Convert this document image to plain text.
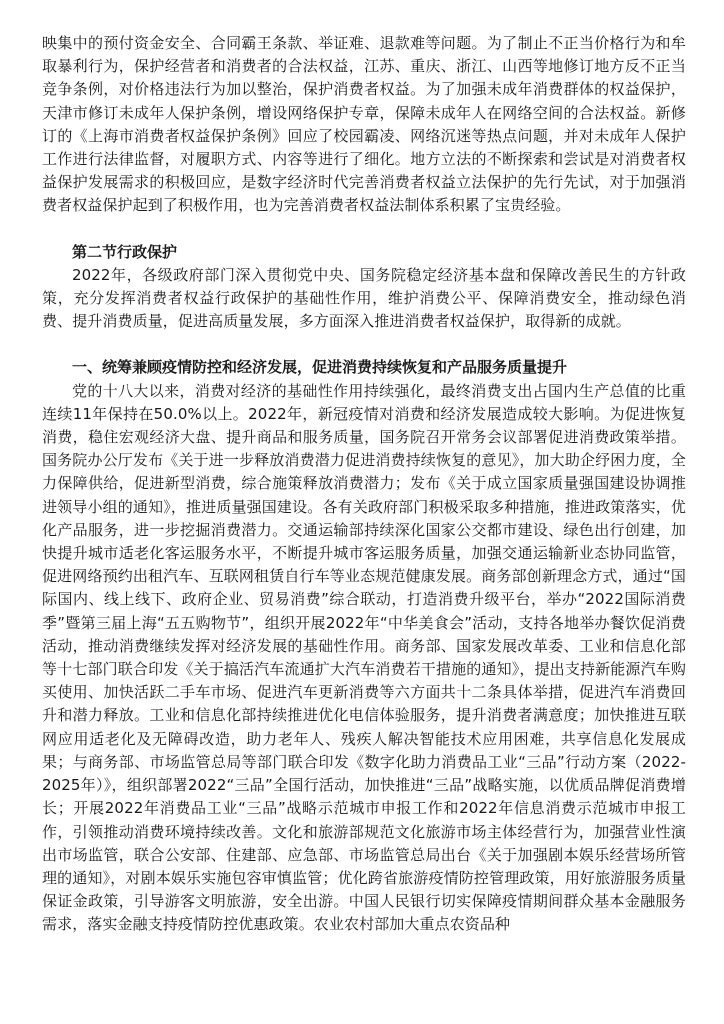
映集中的预付资金安全、合同霸王条款、举证难、退款难等问题。为了制止不正当价格行为和牟取暴利行为，保护经营者和消费者的合法权益，江苏、重庆、浙江、山西等地修订地方反不正当竞争条例，对价格违法行为加以整治，保护消费者权益。为了加强未成年消费群体的权益保护，天津市修订未成年人保护条例，增设网络保护专章，保障未成年人在网络空间的合法权益。新修订的《上海市消费者权益保护条例》回应了校园霸凌、网络沉迷等热点问题，并对未成年人保护工作进行法律监督，对履职方式、内容等进行了细化。地方立法的不断探索和尝试是对消费者权益保护发展需求的积极回应，是数字经济时代完善消费者权益立法保护的先行先试，对于加强消费者权益保护起到了积极作用，也为完善消费者权益法制体系积累了宝贵经验。

第二节行政保护

2022年，各级政府部门深入贯彻党中央、国务院稳定经济基本盘和保障改善民生的方针政策，充分发挥消费者权益行政保护的基础性作用，维护消费公平、保障消费安全，推动绿色消费、提升消费质量，促进高质量发展，多方面深入推进消费者权益保护，取得新的成就。

一、统筹兼顾疫情防控和经济发展，促进消费持续恢复和产品服务质量提升

党的十八大以来，消费对经济的基础性作用持续强化，最终消费支出占国内生产总值的比重连续11年保持在50.0%以上。2022年，新冠疫情对消费和经济发展造成较大影响。为促进恢复消费，稳住宏观经济大盘、提升商品和服务质量，国务院召开常务会议部署促进消费政策举措。国务院办公厅发布《关于进一步释放消费潜力促进消费持续恢复的意见》，加大助企纾困力度，全力保障供给，促进新型消费，综合施策释放消费潜力；发布《关于成立国家质量强国建设协调推进领导小组的通知》，推进质量强国建设。各有关政府部门积极采取多种措施，推进政策落实，优化产品服务，进一步挖掘消费潜力。交通运输部持续深化国家公交都市建设、绿色出行创建，加快提升城市适老化客运服务水平，不断提升城市客运服务质量，加强交通运输新业态协同监管，促进网络预约出租汽车、互联网租赁自行车等业态规范健康发展。商务部创新理念方式，通过“国际国内、线上线下、政府企业、贸易消费”综合联动，打造消费升级平台，举办“2022国际消费季”暨第三届上海“五五购物节”，组织开展2022年“中华美食会”活动，支持各地举办餐饮促消费活动，推动消费继续发挥对经济发展的基础性作用。商务部、国家发展改革委、工业和信息化部等十七部门联合印发《关于搞活汽车流通扩大汽车消费若干措施的通知》，提出支持新能源汽车购买使用、加快活跃二手车市场、促进汽车更新消费等六方面共十二条具体举措，促进汽车消费回升和潜力释放。工业和信息化部持续推进优化电信体验服务，提升消费者满意度；加快推进互联网应用适老化及无障碍改造，助力老年人、残疾人解决智能技术应用困难，共享信息化发展成果；与商务部、市场监管总局等部门联合印发《数字化助力消费品工业“三品”行动方案（2022-2025年）》，组织部署2022“三品”全国行活动，加快推进“三品”战略实施，以优质品牌促消费增长；开展2022年消费品工业“三品”战略示范城市申报工作和2022年信息消费示范城市申报工作，引领推动消费环境持续改善。文化和旅游部规范文化旅游市场主体经营行为，加强营业性演出市场监管，联合公安部、住建部、应急部、市场监管总局出台《关于加强剧本娱乐经营场所管理的通知》，对剧本娱乐实施包容审慎监管；优化跨省旅游疫情防控管理政策，用好旅游服务质量保证金政策，引导游客文明旅游，安全出游。中国人民银行切实保障疫情期间群众基本金融服务需求，落实金融支持疫情防控优惠政策。农业农村部加大重点农资品种
